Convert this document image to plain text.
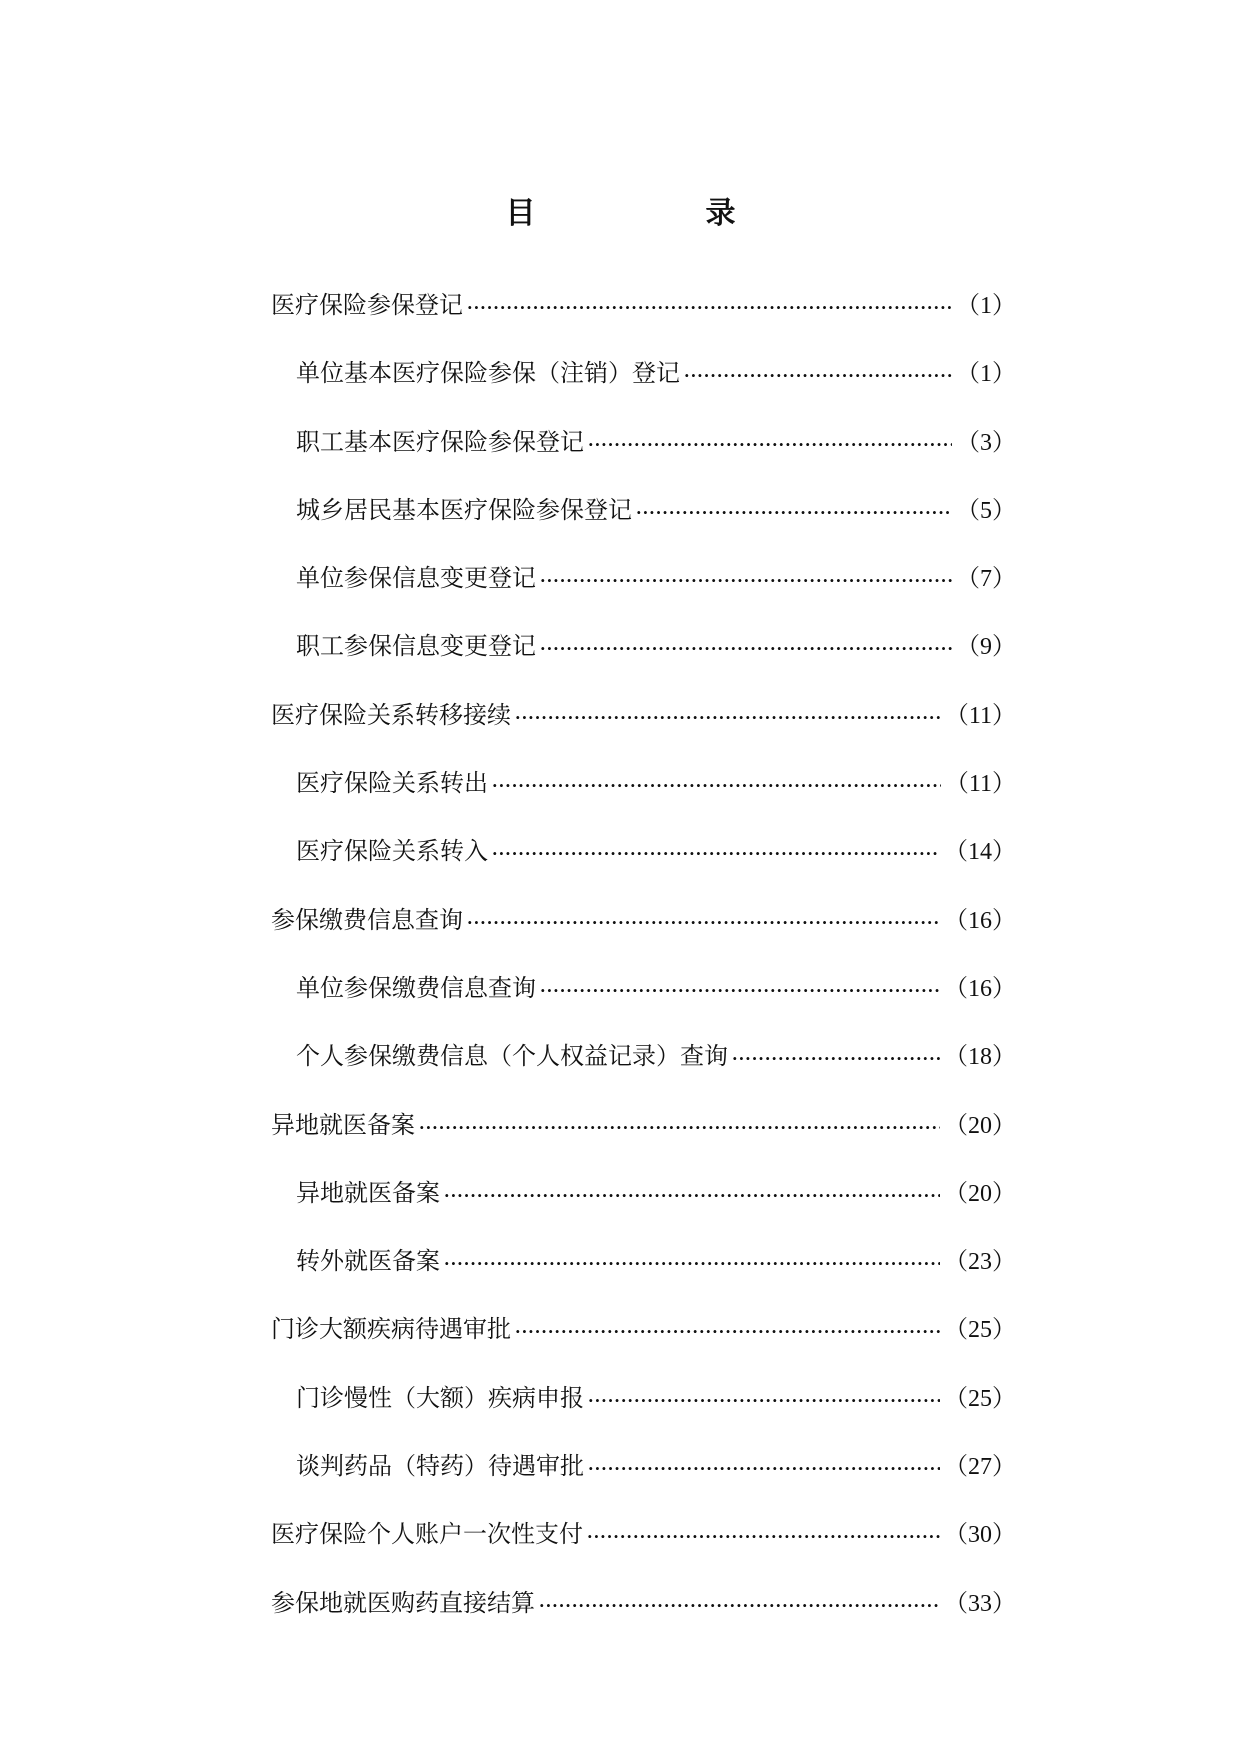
目　录
医疗保险参保登记 ·····	（1）
单位基本医疗保险参保（注销）登记 ·····	（1）
职工基本医疗保险参保登记 ·····	（3）
城乡居民基本医疗保险参保登记 ·····	（5）
单位参保信息变更登记 ·····	（7）
职工参保信息变更登记 ·····	（9）
医疗保险关系转移接续 ·····	（11）
医疗保险关系转出 ·····	（11）
医疗保险关系转入 ·····	（14）
参保缴费信息查询 ·····	（16）
单位参保缴费信息查询 ·····	（16）
个人参保缴费信息（个人权益记录）查询 ·····	（18）
异地就医备案 ·····	（20）
异地就医备案 ·····	（20）
转外就医备案 ·····	（23）
门诊大额疾病待遇审批 ·····	（25）
门诊慢性（大额）疾病申报 ·····	（25）
谈判药品（特药）待遇审批 ·····	（27）
医疗保险个人账户一次性支付 ·····	（30）
参保地就医购药直接结算 ·····	（33）
